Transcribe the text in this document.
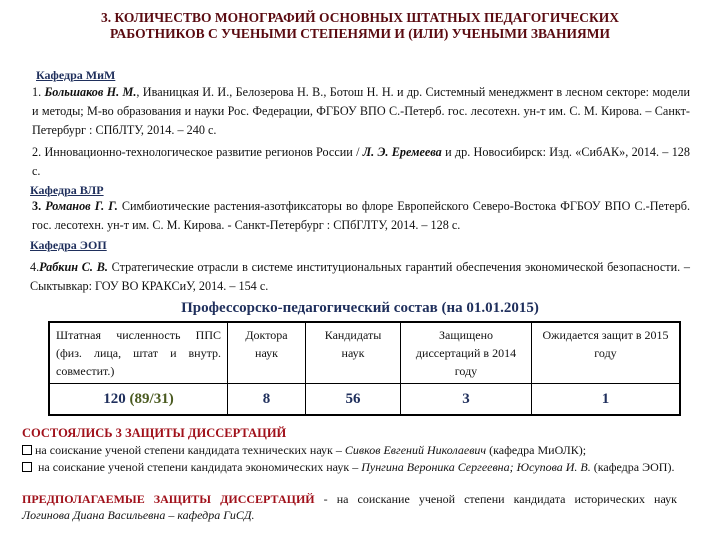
3. КОЛИЧЕСТВО МОНОГРАФИЙ ОСНОВНЫХ ШТАТНЫХ ПЕДАГОГИЧЕСКИХ РАБОТНИКОВ С УЧЕНЫМИ СТЕПЕНЯМИ И (ИЛИ) УЧЕНЫМИ ЗВАНИЯМИ
Кафедра МиМ
1. Большаков Н. М., Иваницкая И. И., Белозерова Н. В., Ботош Н. Н. и др. Системный менеджмент в лесном секторе: модели и методы; М-во образования и науки Рос. Федерации, ФГБОУ ВПО С.-Петерб. гос. лесотехн. ун-т им. С. М. Кирова. – Санкт-Петербург : СПбЛТУ, 2014. – 240 с.
2. Инновационно-технологическое развитие регионов России / Л. Э. Еремеева и др. Новосибирск: Изд. «СибАК», 2014. – 128 с.
Кафедра ВЛР
3. Романов Г. Г. Симбиотические растения-азотфиксаторы во флоре Европейского Северо-Востока ФГБОУ ВПО С.-Петерб. гос. лесотехн. ун-т им. С. М. Кирова. - Санкт-Петербург : СПбГЛТУ, 2014. – 128 с.
Кафедра ЭОП
4.Рабкин С. В. Стратегические отрасли в системе институциональных гарантий обеспечения экономической безопасности. – Сыктывкар: ГОУ ВО КРАКСиУ, 2014. – 154 с.
Профессорско-педагогический состав (на 01.01.2015)
Штатная численность ППС (физ. лица, штат и внутр. совместит.)	Доктора наук	Кандидаты наук	Защищено диссертаций в 2014 году	Ожидается защит в 2015 году
120 (89/31)	8	56	3	1
СОСТОЯЛИСЬ 3 ЗАЩИТЫ ДИССЕРТАЦИЙ
на соискание ученой степени кандидата технических наук – Сивков Евгений Николаевич (кафедра МиОЛК);
на соискание ученой степени кандидата экономических наук – Пунгина Вероника Сергеевна; Юсупова И. В. (кафедра ЭОП).
ПРЕДПОЛАГАЕМЫЕ ЗАЩИТЫ ДИССЕРТАЦИЙ - на соискание ученой степени кандидата исторических наук Логинова Диана Васильевна – кафедра ГиСД.
